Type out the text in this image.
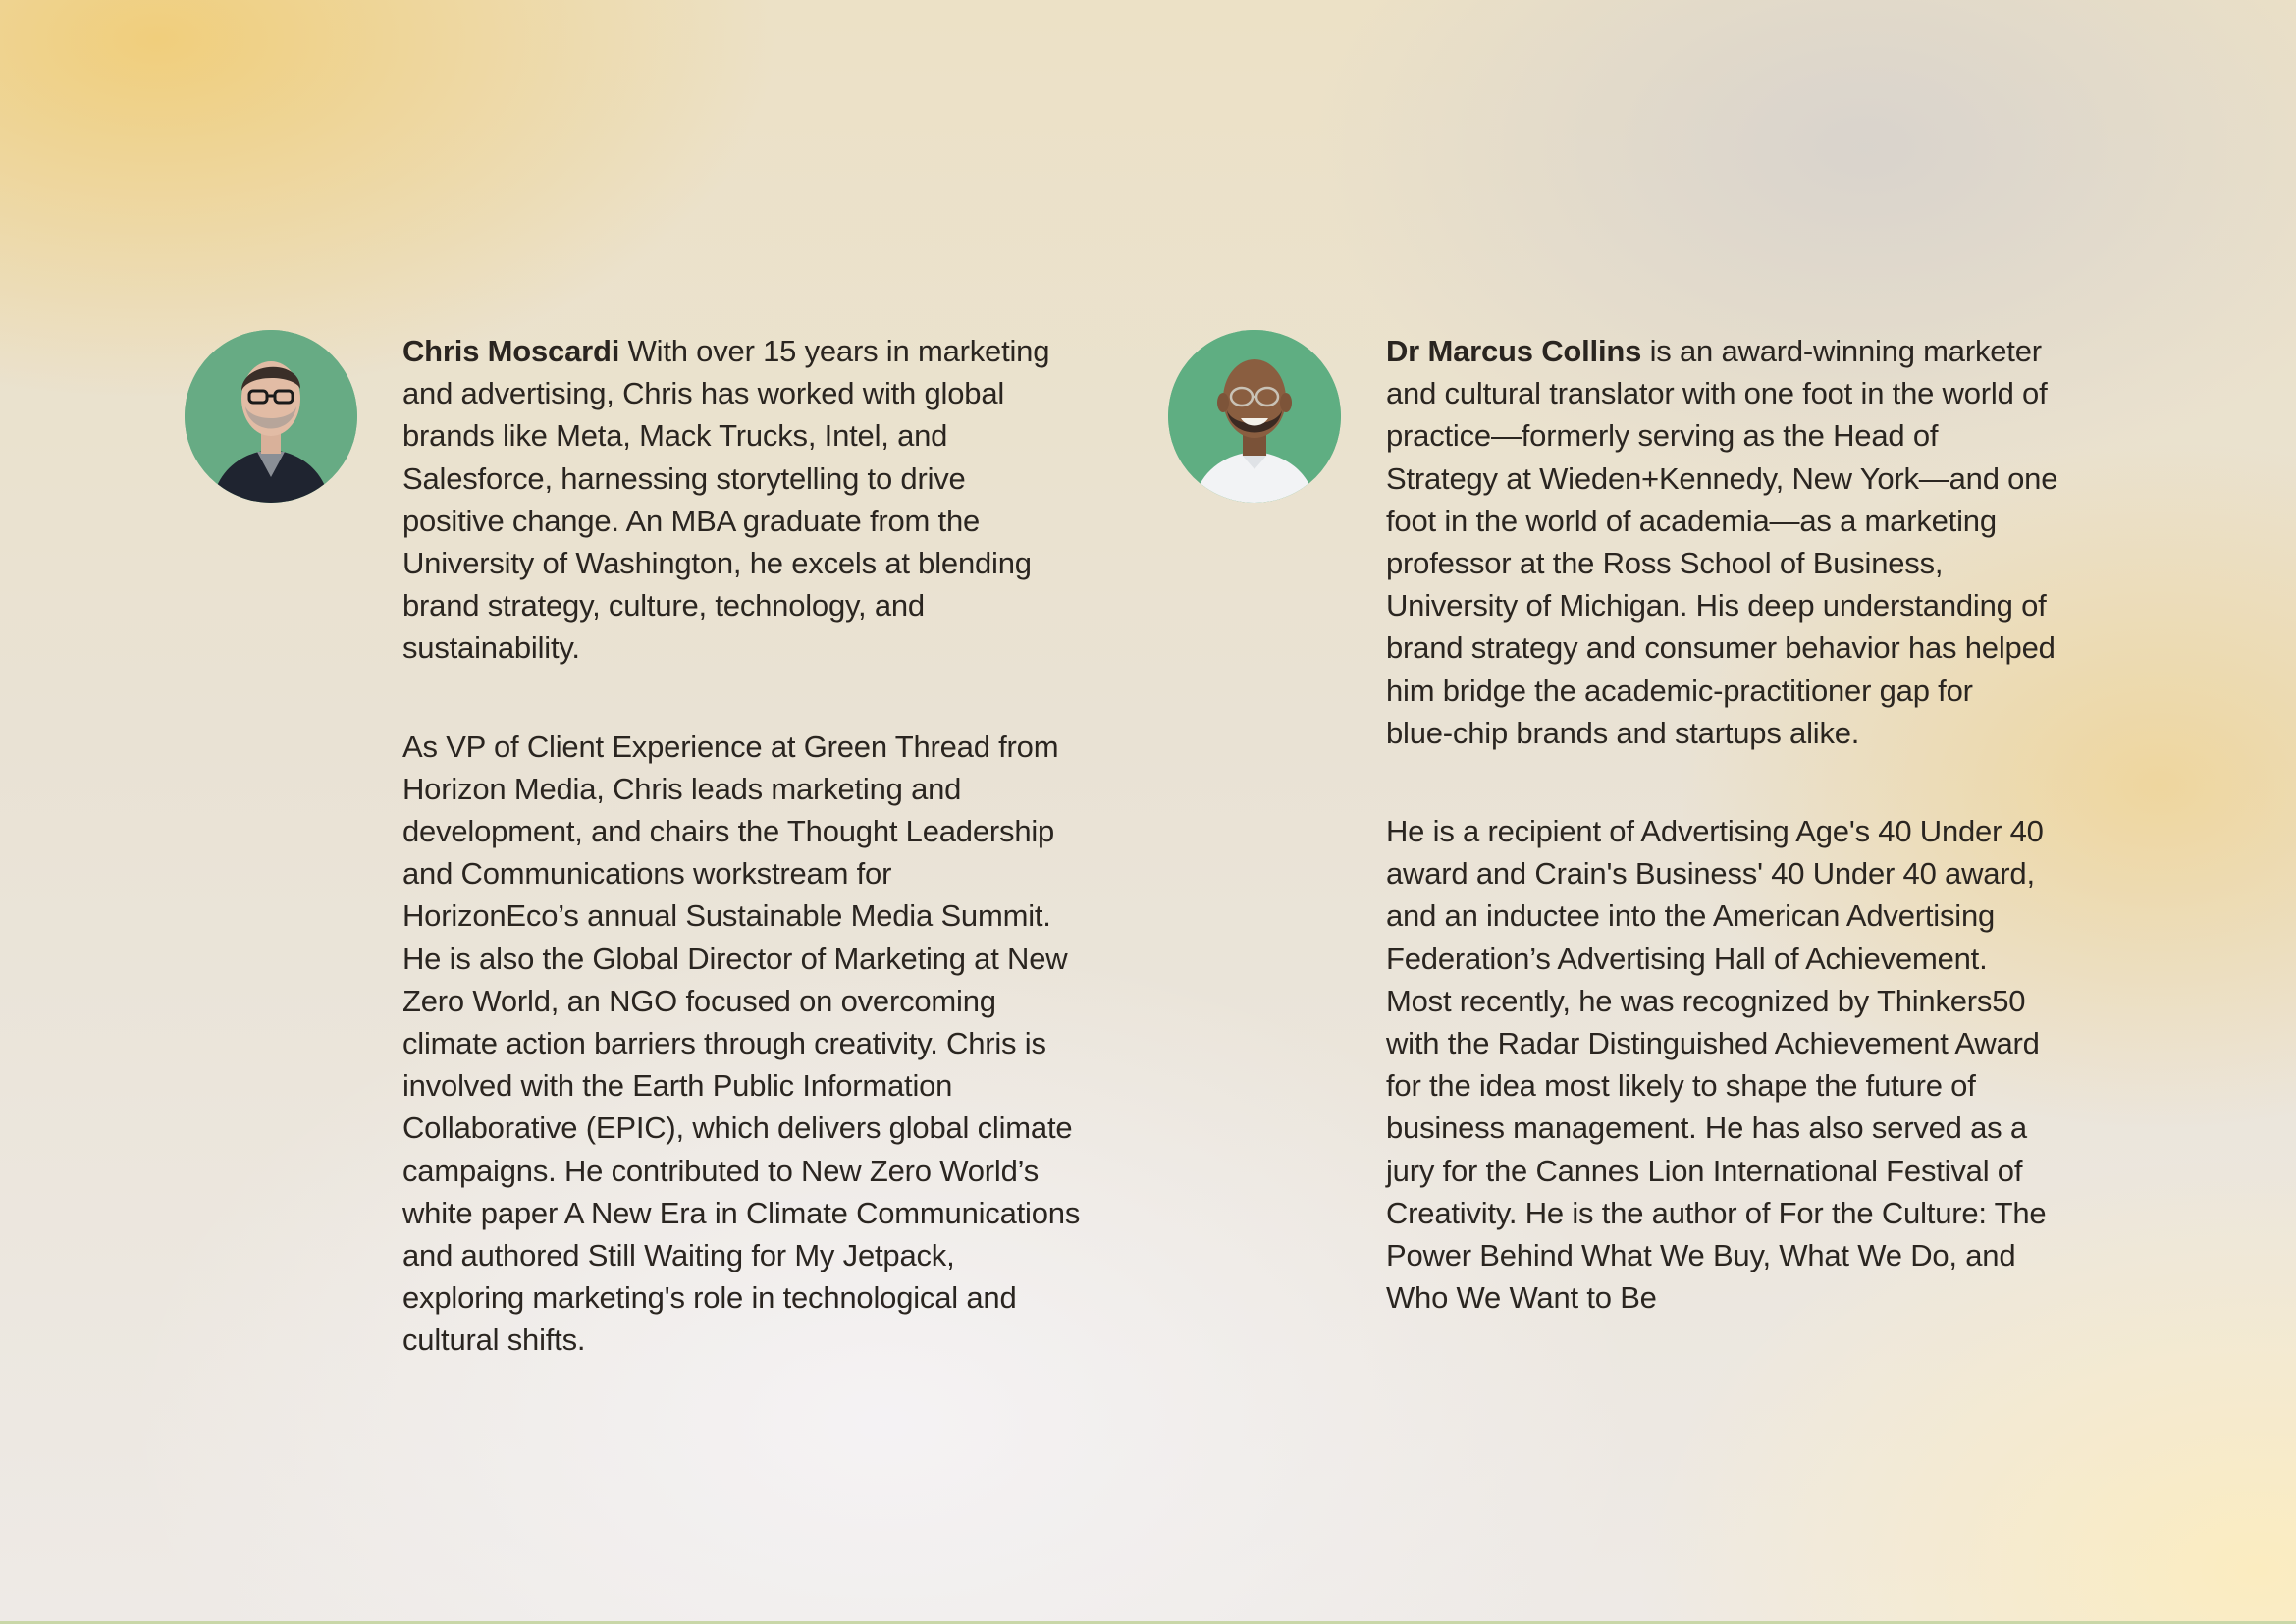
Chris Moscardi With over 15 years in marketing
and advertising, Chris has worked with global
brands like Meta, Mack Trucks, Intel, and
Salesforce, harnessing storytelling to drive
positive change. An MBA graduate from the
University of Washington, he excels at blending
brand strategy, culture, technology, and
sustainability.

As VP of Client Experience at Green Thread from
Horizon Media, Chris leads marketing and
development, and chairs the Thought Leadership
and Communications workstream for
HorizonEco’s annual Sustainable Media Summit.
He is also the Global Director of Marketing at New
Zero World, an NGO focused on overcoming
climate action barriers through creativity. Chris is
involved with the Earth Public Information
Collaborative (EPIC), which delivers global climate
campaigns. He contributed to New Zero World’s
white paper A New Era in Climate Communications
and authored Still Waiting for My Jetpack,
exploring marketing's role in technological and
cultural shifts.

Dr Marcus Collins is an award-winning marketer
and cultural translator with one foot in the world of
practice—formerly serving as the Head of
Strategy at Wieden+Kennedy, New York—and one
foot in the world of academia—as a marketing
professor at the Ross School of Business,
University of Michigan. His deep understanding of
brand strategy and consumer behavior has helped
him bridge the academic-practitioner gap for
blue-chip brands and startups alike.

He is a recipient of Advertising Age's 40 Under 40
award and Crain's Business' 40 Under 40 award,
and an inductee into the American Advertising
Federation’s Advertising Hall of Achievement.
Most recently, he was recognized by Thinkers50
with the Radar Distinguished Achievement Award
for the idea most likely to shape the future of
business management. He has also served as a
jury for the Cannes Lion International Festival of
Creativity. He is the author of For the Culture: The
Power Behind What We Buy, What We Do, and
Who We Want to Be
